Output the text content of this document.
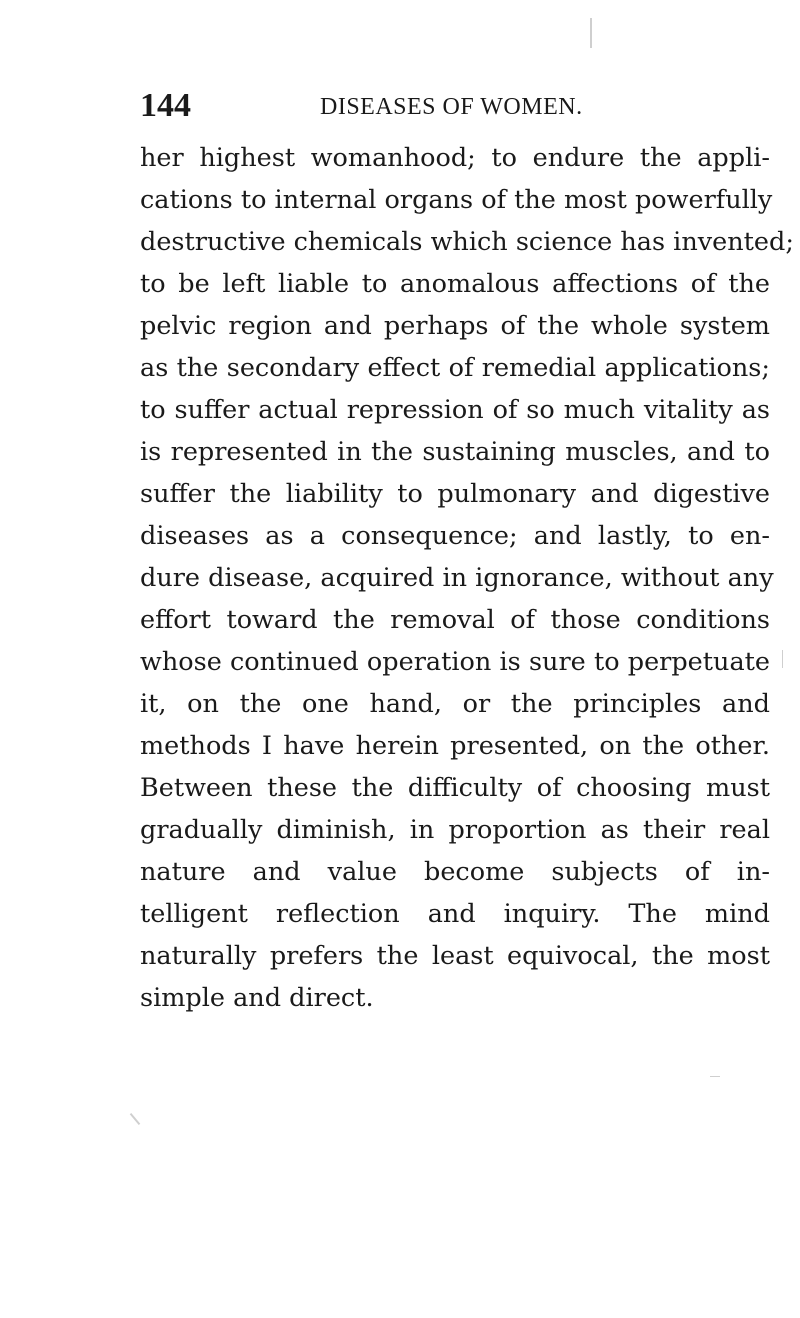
144	DISEASES OF WOMEN.
her highest womanhood; to endure the appli-
cations to internal organs of the most powerfully
destructive chemicals which science has invented;
to be left liable to anomalous affections of the
pelvic region and perhaps of the whole system
as the secondary effect of remedial applications;
to suffer actual repression of so much vitality as
is represented in the sustaining muscles, and to
suffer the liability to pulmonary and digestive
diseases as a consequence; and lastly, to en-
dure disease, acquired in ignorance, without any
effort toward the removal of those conditions
whose continued operation is sure to perpetuate
it, on the one hand, or the principles and
methods I have herein presented, on the other.
Between these the difficulty of choosing must
gradually diminish, in proportion as their real
nature and value become subjects of in-
telligent reflection and inquiry. The mind
naturally prefers the least equivocal, the most
simple and direct.
